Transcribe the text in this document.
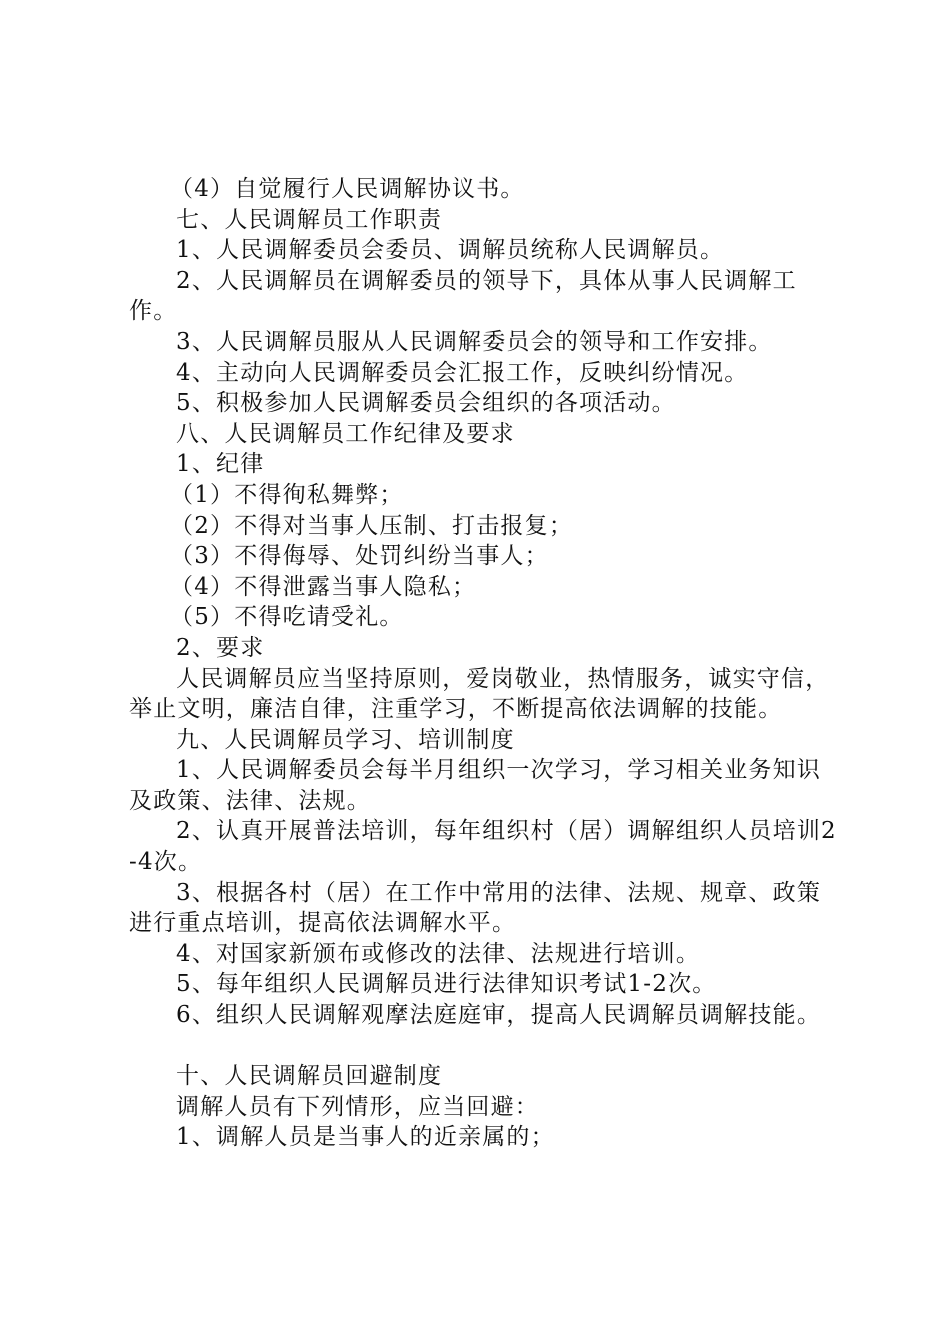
（4）自觉履行人民调解协议书。

七、人民调解员工作职责

1、人民调解委员会委员、调解员统称人民调解员。

2、人民调解员在调解委员的领导下，具体从事人民调解工作。

3、人民调解员服从人民调解委员会的领导和工作安排。

4、主动向人民调解委员会汇报工作，反映纠纷情况。

5、积极参加人民调解委员会组织的各项活动。

八、人民调解员工作纪律及要求

1、纪律

（1）不得徇私舞弊；

（2）不得对当事人压制、打击报复；

（3）不得侮辱、处罚纠纷当事人；

（4）不得泄露当事人隐私；

（5）不得吃请受礼。

2、要求

人民调解员应当坚持原则，爱岗敬业，热情服务，诚实守信，举止文明，廉洁自律，注重学习，不断提高依法调解的技能。

九、人民调解员学习、培训制度

1、人民调解委员会每半月组织一次学习，学习相关业务知识及政策、法律、法规。

2、认真开展普法培训，每年组织村（居）调解组织人员培训2-4次。

3、根据各村（居）在工作中常用的法律、法规、规章、政策进行重点培训，提高依法调解水平。

4、对国家新颁布或修改的法律、法规进行培训。

5、每年组织人民调解员进行法律知识考试1-2次。

6、组织人民调解观摩法庭庭审，提高人民调解员调解技能。

十、人民调解员回避制度

调解人员有下列情形，应当回避：

1、调解人员是当事人的近亲属的；
